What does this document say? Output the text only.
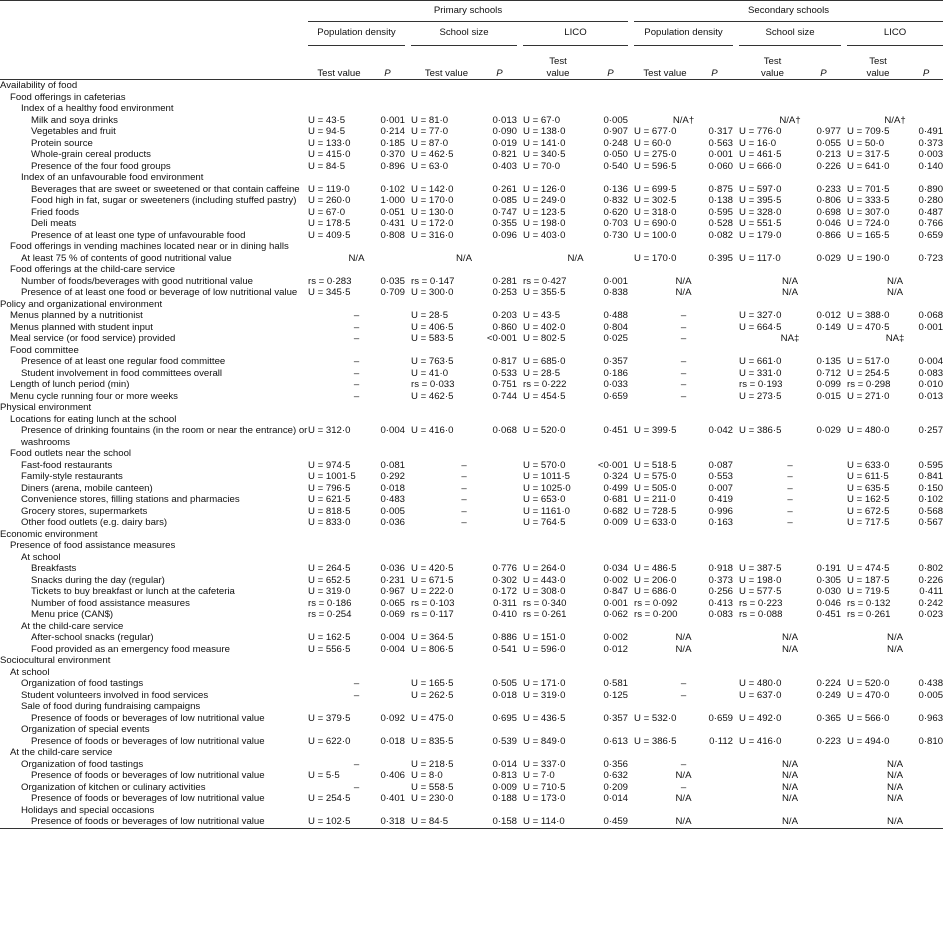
	Primary schools									Secondary schools							
	Population density			School size			LICO			Population density			School size			LICO	
	Test value	P		Test value	P		Test value	P		Test value	P		Test value	P		Test value	P
Availability of food																	
Food offerings in cafeterias																	
Index of a healthy food environment																	
Milk and soya drinks	U = 43·5	0·001		U = 81·0	0·013		U = 67·0	0·005		N/A†			N/A†			N/A†	
Vegetables and fruit	U = 94·5	0·214		U = 77·0	0·090		U = 138·0	0·907		U = 677·0	0·317		U = 776·0	0·977		U = 709·5	0·491
Protein source	U = 133·0	0·185		U = 87·0	0·019		U = 141·0	0·248		U = 60·0	0·563		U = 16·0	0·055		U = 50·0	0·373
Whole-grain cereal products	U = 415·0	0·370		U = 462·5	0·821		U = 340·5	0·050		U = 275·0	0·001		U = 461·5	0·213		U = 317·5	0·003
Presence of the four food groups	U = 84·5	0·896		U = 63·0	0·403		U = 70·0	0·540		U = 596·5	0·060		U = 666·0	0·226		U = 641·0	0·140
Index of an unfavourable food environment																	
Beverages that are sweet or sweetened or that contain caffeine	U = 119·0	0·102		U = 142·0	0·261		U = 126·0	0·136		U = 699·5	0·875		U = 597·0	0·233		U = 701·5	0·890
Food high in fat, sugar or sweeteners (including stuffed pastry)	U = 260·0	1·000		U = 170·0	0·085		U = 249·0	0·832		U = 302·5	0·138		U = 395·5	0·806		U = 333·5	0·280
Fried foods	U = 67·0	0·051		U = 130·0	0·747		U = 123·5	0·620		U = 318·0	0·595		U = 328·0	0·698		U = 307·0	0·487
Deli meats	U = 178·5	0·431		U = 172·0	0·355		U = 198·0	0·703		U = 690·0	0·528		U = 551·5	0·046		U = 724·0	0·766
Presence of at least one type of unfavourable food	U = 409·5	0·808		U = 316·0	0·096		U = 403·0	0·730		U = 100·0	0·082		U = 179·0	0·866		U = 165·5	0·659
Food offerings in vending machines located near or in dining halls																	
At least 75 % of contents of good nutritional value	N/A			N/A			N/A			U = 170·0	0·395		U = 117·0	0·029		U = 190·0	0·723
Food offerings at the child-care service																	
Number of foods/beverages with good nutritional value	rs = 0·283	0·035		rs = 0·147	0·281		rs = 0·427	0·001		N/A			N/A			N/A	
Presence of at least one food or beverage of low nutritional value	U = 345·5	0·709		U = 300·0	0·253		U = 355·5	0·838		N/A			N/A			N/A	
Policy and organizational environment																	
Menus planned by a nutritionist	–			U = 28·5	0·203		U = 43·5	0·488		–			U = 327·0	0·012		U = 388·0	0·068
Menus planned with student input	–			U = 406·5	0·860		U = 402·0	0·804		–			U = 664·5	0·149		U = 470·5	0·001
Meal service (or food service) provided	–			U = 583·5	<0·001		U = 802·5	0·025		–			NA‡			NA‡	
Food committee																	
Presence of at least one regular food committee	–			U = 763·5	0·817		U = 685·0	0·357		–			U = 661·0	0·135		U = 517·0	0·004
Student involvement in food committees overall	–			U = 41·0	0·533		U = 28·5	0·186		–			U = 331·0	0·712		U = 254·5	0·083
Length of lunch period (min)	–			rs = 0·033	0·751		rs = 0·222	0·033		–			rs = 0·193	0·099		rs = 0·298	0·010
Menu cycle running four or more weeks	–			U = 462·5	0·744		U = 454·5	0·659		–			U = 273·5	0·015		U = 271·0	0·013
Physical environment																	
Locations for eating lunch at the school																	
Presence of drinking fountains (in the room or near the entrance) or washrooms	U = 312·0	0·004		U = 416·0	0·068		U = 520·0	0·451		U = 399·5	0·042		U = 386·5	0·029		U = 480·0	0·257
Food outlets near the school																	
Fast-food restaurants	U = 974·5	0·081		–			U = 570·0	<0·001		U = 518·5	0·087		–			U = 633·0	0·595
Family-style restaurants	U = 1001·5	0·292		–			U = 1011·5	0·324		U = 575·0	0·553		–			U = 611·5	0·841
Diners (arena, mobile canteen)	U = 796·5	0·018		–			U = 1025·0	0·499		U = 505·0	0·007		–			U = 635·5	0·150
Convenience stores, filling stations and pharmacies	U = 621·5	0·483		–			U = 653·0	0·681		U = 211·0	0·419		–			U = 162·5	0·102
Grocery stores, supermarkets	U = 818·5	0·005		–			U = 1161·0	0·682		U = 728·5	0·996		–			U = 672·5	0·568
Other food outlets (e.g. dairy bars)	U = 833·0	0·036		–			U = 764·5	0·009		U = 633·0	0·163		–			U = 717·5	0·567
Economic environment																	
Presence of food assistance measures																	
At school																	
Breakfasts	U = 264·5	0·036		U = 420·5	0·776		U = 264·0	0·034		U = 486·5	0·918		U = 387·5	0·191		U = 474·5	0·802
Snacks during the day (regular)	U = 652·5	0·231		U = 671·5	0·302		U = 443·0	0·002		U = 206·0	0·373		U = 198·0	0·305		U = 187·5	0·226
Tickets to buy breakfast or lunch at the cafeteria	U = 319·0	0·967		U = 222·0	0·172		U = 308·0	0·847		U = 686·0	0·256		U = 577·5	0·030		U = 719·5	0·411
Number of food assistance measures	rs = 0·186	0·065		rs = 0·103	0·311		rs = 0·340	0·001		rs = 0·092	0·413		rs = 0·223	0·046		rs = 0·132	0·242
Menu price (CAN$)	rs = 0·254	0·069		rs = 0·117	0·410		rs = 0·261	0·062		rs = 0·200	0·083		rs = 0·088	0·451		rs = 0·261	0·023
At the child-care service																	
After-school snacks (regular)	U = 162·5	0·004		U = 364·5	0·886		U = 151·0	0·002		N/A			N/A			N/A	
Food provided as an emergency food measure	U = 556·5	0·004		U = 806·5	0·541		U = 596·0	0·012		N/A			N/A			N/A	
Sociocultural environment																	
At school																	
Organization of food tastings	–			U = 165·5	0·505		U = 171·0	0·581		–			U = 480·0	0·224		U = 520·0	0·438
Student volunteers involved in food services	–			U = 262·5	0·018		U = 319·0	0·125		–			U = 637·0	0·249		U = 470·0	0·005
Sale of food during fundraising campaigns																	
Presence of foods or beverages of low nutritional value	U = 379·5	0·092		U = 475·0	0·695		U = 436·5	0·357		U = 532·0	0·659		U = 492·0	0·365		U = 566·0	0·963
Organization of special events																	
Presence of foods or beverages of low nutritional value	U = 622·0	0·018		U = 835·5	0·539		U = 849·0	0·613		U = 386·5	0·112		U = 416·0	0·223		U = 494·0	0·810
At the child-care service																	
Organization of food tastings	–			U = 218·5	0·014		U = 337·0	0·356		–			N/A			N/A	
Presence of foods or beverages of low nutritional value	U = 5·5	0·406		U = 8·0	0·813		U = 7·0	0·632		N/A			N/A			N/A	
Organization of kitchen or culinary activities	–			U = 558·5	0·009		U = 710·5	0·209		–			N/A			N/A	
Presence of foods or beverages of low nutritional value	U = 254·5	0·401		U = 230·0	0·188		U = 173·0	0·014		N/A			N/A			N/A	
Holidays and special occasions																	
Presence of foods or beverages of low nutritional value	U = 102·5	0·318		U = 84·5	0·158		U = 114·0	0·459		N/A			N/A			N/A	
